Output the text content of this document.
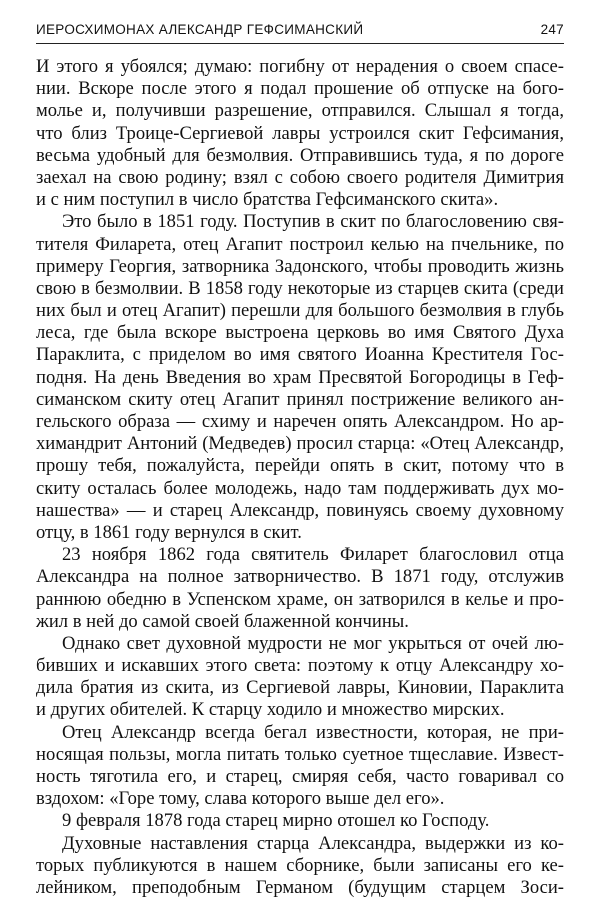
ИЕРОСХИМОНАХ АЛЕКСАНДР ГЕФСИМАНСКИЙ	247
И этого я убоялся; думаю: погибну от нерадения о своем спасе-
нии. Вскоре после этого я подал прошение об отпуске на бого-
молье и, получивши разрешение, отправился. Слышал я тогда,
что близ Троице-Сергиевой лавры устроился скит Гефсимания,
весьма удобный для безмолвия. Отправившись туда, я по дороге
заехал на свою родину; взял с собою своего родителя Димитрия
и с ним поступил в число братства Гефсиманского скита».
Это было в 1851 году. Поступив в скит по благословению свя-
тителя Филарета, отец Агапит построил келью на пчельнике, по
примеру Георгия, затворника Задонского, чтобы проводить жизнь
свою в безмолвии. В 1858 году некоторые из старцев скита (среди
них был и отец Агапит) перешли для большого безмолвия в глубь
леса, где была вскоре выстроена церковь во имя Святого Духа
Параклита, с приделом во имя святого Иоанна Крестителя Гос-
подня. На день Введения во храм Пресвятой Богородицы в Геф-
симанском скиту отец Агапит принял пострижение великого ан-
гельского образа — схиму и наречен опять Александром. Но ар-
химандрит Антоний (Медведев) просил старца: «Отец Александр,
прошу тебя, пожалуйста, перейди опять в скит, потому что в
скиту осталась более молодежь, надо там поддерживать дух мо-
нашества» — и старец Александр, повинуясь своему духовному
отцу, в 1861 году вернулся в скит.
23 ноября 1862 года святитель Филарет благословил отца
Александра на полное затворничество. В 1871 году, отслужив
раннюю обедню в Успенском храме, он затворился в келье и про-
жил в ней до самой своей блаженной кончины.
Однако свет духовной мудрости не мог укрыться от очей лю-
бивших и искавших этого света: поэтому к отцу Александру хо-
дила братия из скита, из Сергиевой лавры, Киновии, Параклита
и других обителей. К старцу ходило и множество мирских.
Отец Александр всегда бегал известности, которая, не при-
носящая пользы, могла питать только суетное тщеславие. Извест-
ность тяготила его, и старец, смиряя себя, часто говаривал со
вздохом: «Горе тому, слава которого выше дел его».
9 февраля 1878 года старец мирно отошел ко Господу.
Духовные наставления старца Александра, выдержки из ко-
торых публикуются в нашем сборнике, были записаны его ке-
лейником, преподобным Германом (будущим старцем Зоси-
